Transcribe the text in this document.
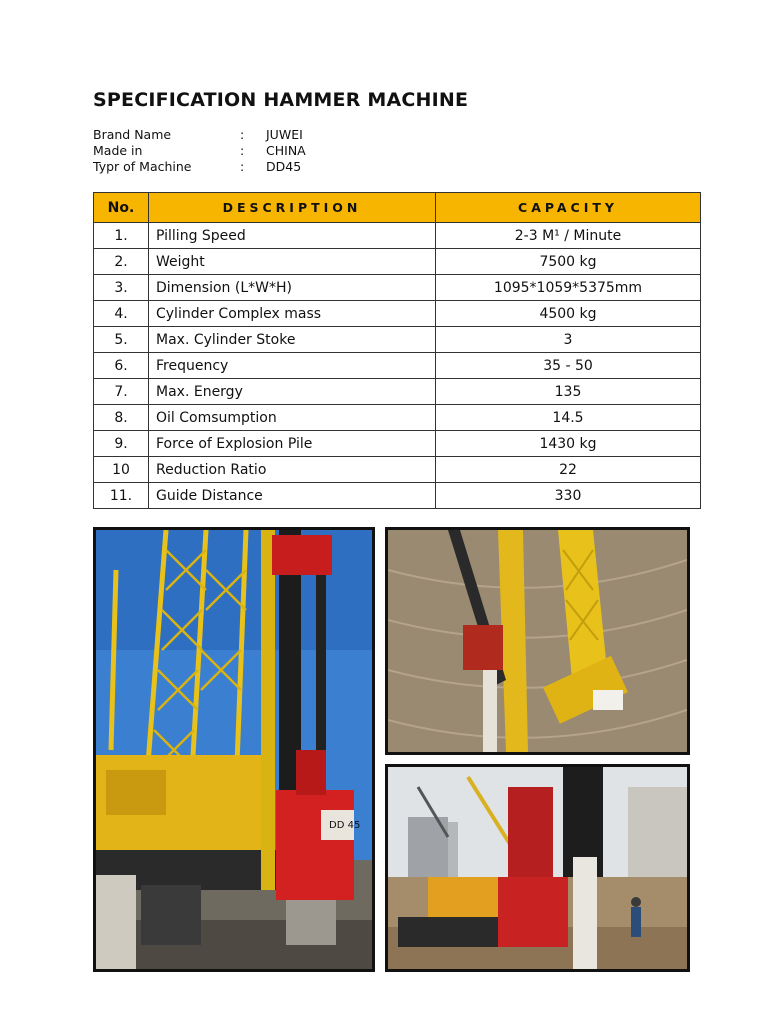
SPECIFICATION HAMMER MACHINE
Brand Name	:	JUWEI
Made in	:	CHINA
Typr of Machine	:	DD45
No.	DESCRIPTION	CAPACITY
1.	Pilling Speed	2-3 M¹ / Minute
2.	Weight	7500 kg
3.	Dimension (L*W*H)	1095*1059*5375mm
4.	Cylinder Complex mass	4500 kg
5.	Max. Cylinder Stoke	3
6.	Frequency	35 - 50
7.	Max. Energy	135
8.	Oil Comsumption	14.5
9.	Force of Explosion Pile	1430 kg
10	Reduction Ratio	22
11.	Guide Distance	330
DD 45
